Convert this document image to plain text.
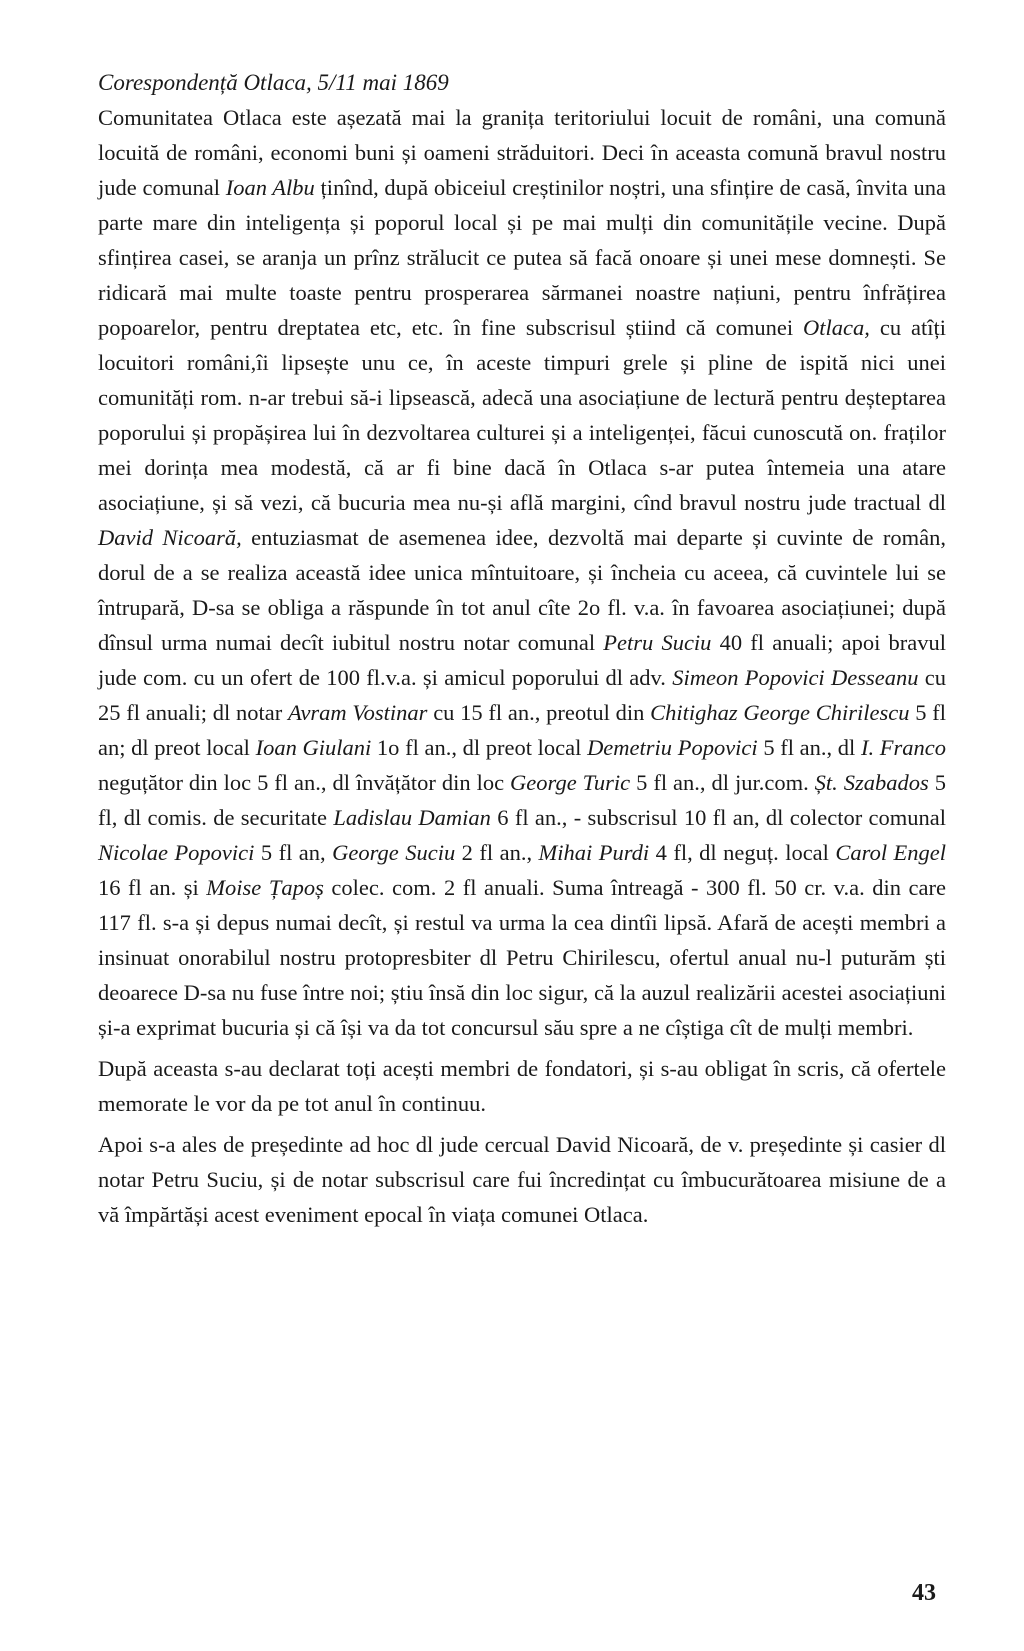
Corespondență Otlaca, 5/11 mai 1869

Comunitatea Otlaca este așezată mai la granița teritoriului locuit de români, una comună locuită de români, economi buni și oameni străduitori. Deci în aceasta comună bravul nostru jude comunal Ioan Albu ținînd, după obiceiul creștinilor noștri, una sfințire de casă, învita una parte mare din inteligența și poporul local și pe mai mulți din comunitățile vecine. După sfințirea casei, se aranja un prînz strălucit ce putea să facă onoare și unei mese domnești. Se ridicară mai multe toaste pentru prosperarea sărmanei noastre națiuni, pentru înfrățirea popoarelor, pentru dreptatea etc, etc. în fine subscrisul știind că comunei Otlaca, cu atîți locuitori români,îi lipsește unu ce, în aceste timpuri grele și pline de ispită nici unei comunități rom. n-ar trebui să-i lipsească, adecă una asociațiune de lectură pentru deșteptarea poporului și propășirea lui în dezvoltarea culturei și a inteligenței, făcui cunoscută on. fraților mei dorința mea modestă, că ar fi bine dacă în Otlaca s-ar putea întemeia una atare asociațiune, și să vezi, că bucuria mea nu-și află margini, cînd bravul nostru jude tractual dl David Nicoară, entuziasmat de asemenea idee, dezvoltă mai departe și cuvinte de român, dorul de a se realiza această idee unica mîntuitoare, și încheia cu aceea, că cuvintele lui se întrupară, D-sa se obliga a răspunde în tot anul cîte 2o fl. v.a. în favoarea asociațiunei; după dînsul urma numai decît iubitul nostru notar comunal Petru Suciu 40 fl anuali; apoi bravul jude com. cu un ofert de 100 fl.v.a. și amicul poporului dl adv. Simeon Popovici Desseanu cu 25 fl anuali; dl notar Avram Vostinar cu 15 fl an., preotul din Chitighaz George Chirilescu 5 fl an; dl preot local Ioan Giulani 1o fl an., dl preot local Demetriu Popovici 5 fl an., dl I. Franco neguțător din loc 5 fl an., dl învățător din loc George Turic 5 fl an., dl jur.com. Șt. Szabados 5 fl, dl comis. de securitate Ladislau Damian 6 fl an., - subscrisul 10 fl an, dl colector comunal Nicolae Popovici 5 fl an, George Suciu 2 fl an., Mihai Purdi 4 fl, dl neguț. local Carol Engel 16 fl an. și Moise Țapoș colec. com. 2 fl anuali. Suma întreagă - 300 fl. 50 cr. v.a. din care 117 fl. s-a și depus numai decît, și restul va urma la cea dintîi lipsă. Afară de acești membri a insinuat onorabilul nostru protopresbiter dl Petru Chirilescu, ofertul anual nu-l puturăm ști deoarece D-sa nu fuse între noi; știu însă din loc sigur, că la auzul realizării acestei asociațiuni și-a exprimat bucuria și că își va da tot concursul său spre a ne cîștiga cît de mulți membri.

După aceasta s-au declarat toți acești membri de fondatori, și s-au obligat în scris, că ofertele memorate le vor da pe tot anul în continuu.

Apoi s-a ales de președinte ad hoc dl jude cercual David Nicoară, de v. președinte și casier dl notar Petru Suciu, și de notar subscrisul care fui încredințat cu îmbucurătoarea misiune de a vă împărtăși acest eveniment epocal în viața comunei Otlaca.

43
